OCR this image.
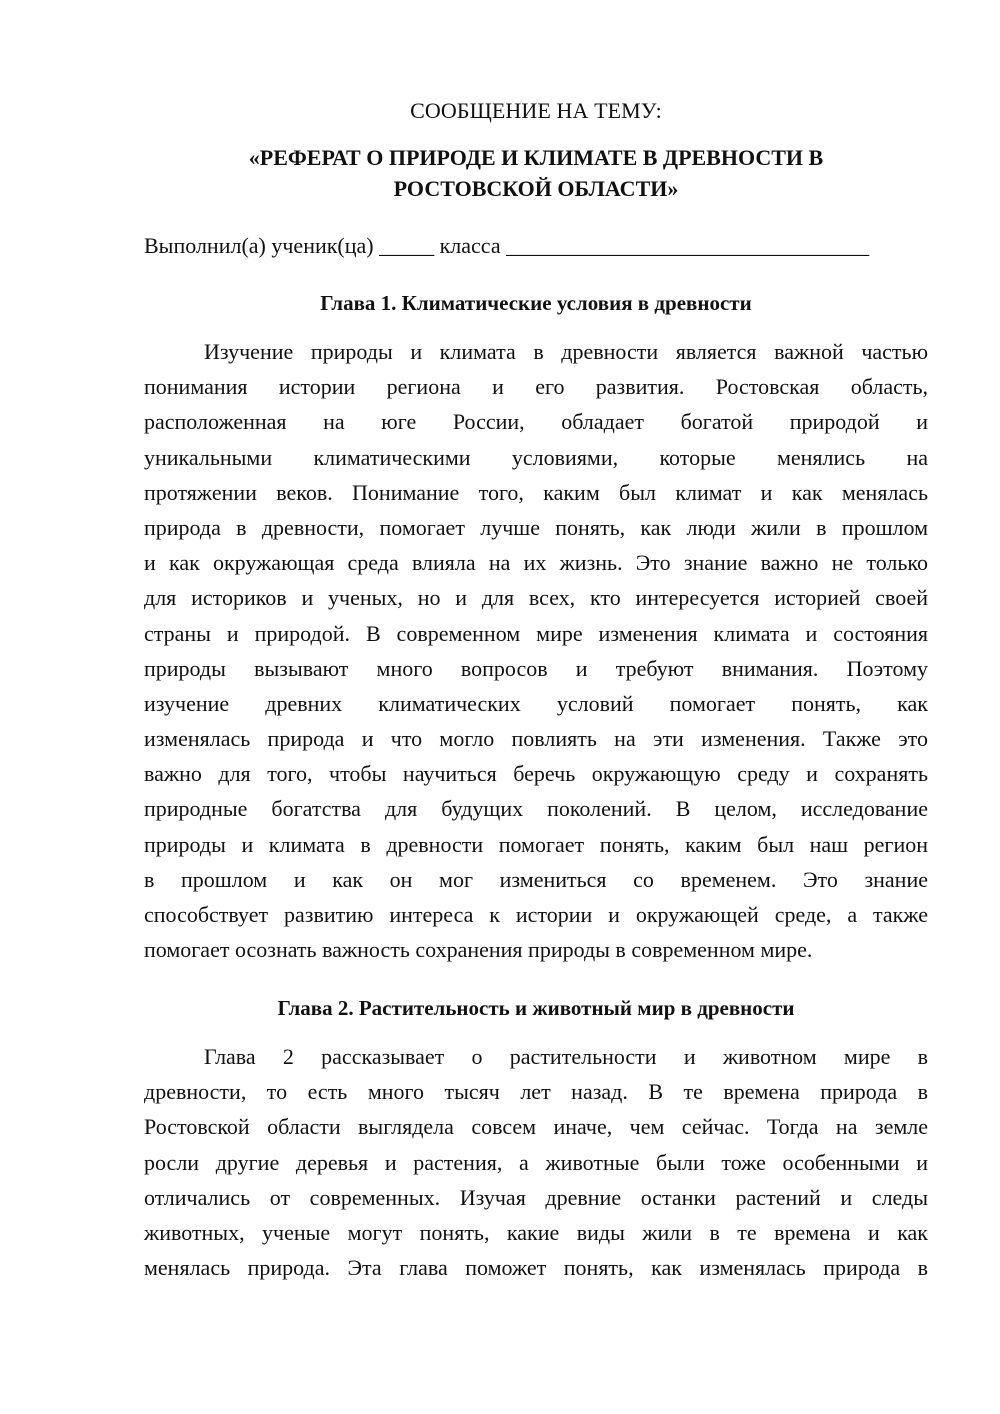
СООБЩЕНИЕ НА ТЕМУ:
«РЕФЕРАТ О ПРИРОДЕ И КЛИМАТЕ В ДРЕВНОСТИ В
РОСТОВСКОЙ ОБЛАСТИ»
Выполнил(а) ученик(ца) _____ класса _________________________________
Глава 1. Климатические условия в древности
Изучение природы и климата в древности является важной частью
понимания истории региона и его развития. Ростовская область,
расположенная на юге России, обладает богатой природой и
уникальными климатическими условиями, которые менялись на
протяжении веков. Понимание того, каким был климат и как менялась
природа в древности, помогает лучше понять, как люди жили в прошлом
и как окружающая среда влияла на их жизнь. Это знание важно не только
для историков и ученых, но и для всех, кто интересуется историей своей
страны и природой. В современном мире изменения климата и состояния
природы вызывают много вопросов и требуют внимания. Поэтому
изучение древних климатических условий помогает понять, как
изменялась природа и что могло повлиять на эти изменения. Также это
важно для того, чтобы научиться беречь окружающую среду и сохранять
природные богатства для будущих поколений. В целом, исследование
природы и климата в древности помогает понять, каким был наш регион
в прошлом и как он мог измениться со временем. Это знание
способствует развитию интереса к истории и окружающей среде, а также
помогает осознать важность сохранения природы в современном мире.
Глава 2. Растительность и животный мир в древности
Глава 2 рассказывает о растительности и животном мире в
древности, то есть много тысяч лет назад. В те времена природа в
Ростовской области выглядела совсем иначе, чем сейчас. Тогда на земле
росли другие деревья и растения, а животные были тоже особенными и
отличались от современных. Изучая древние останки растений и следы
животных, ученые могут понять, какие виды жили в те времена и как
менялась природа. Эта глава поможет понять, как изменялась природа в
